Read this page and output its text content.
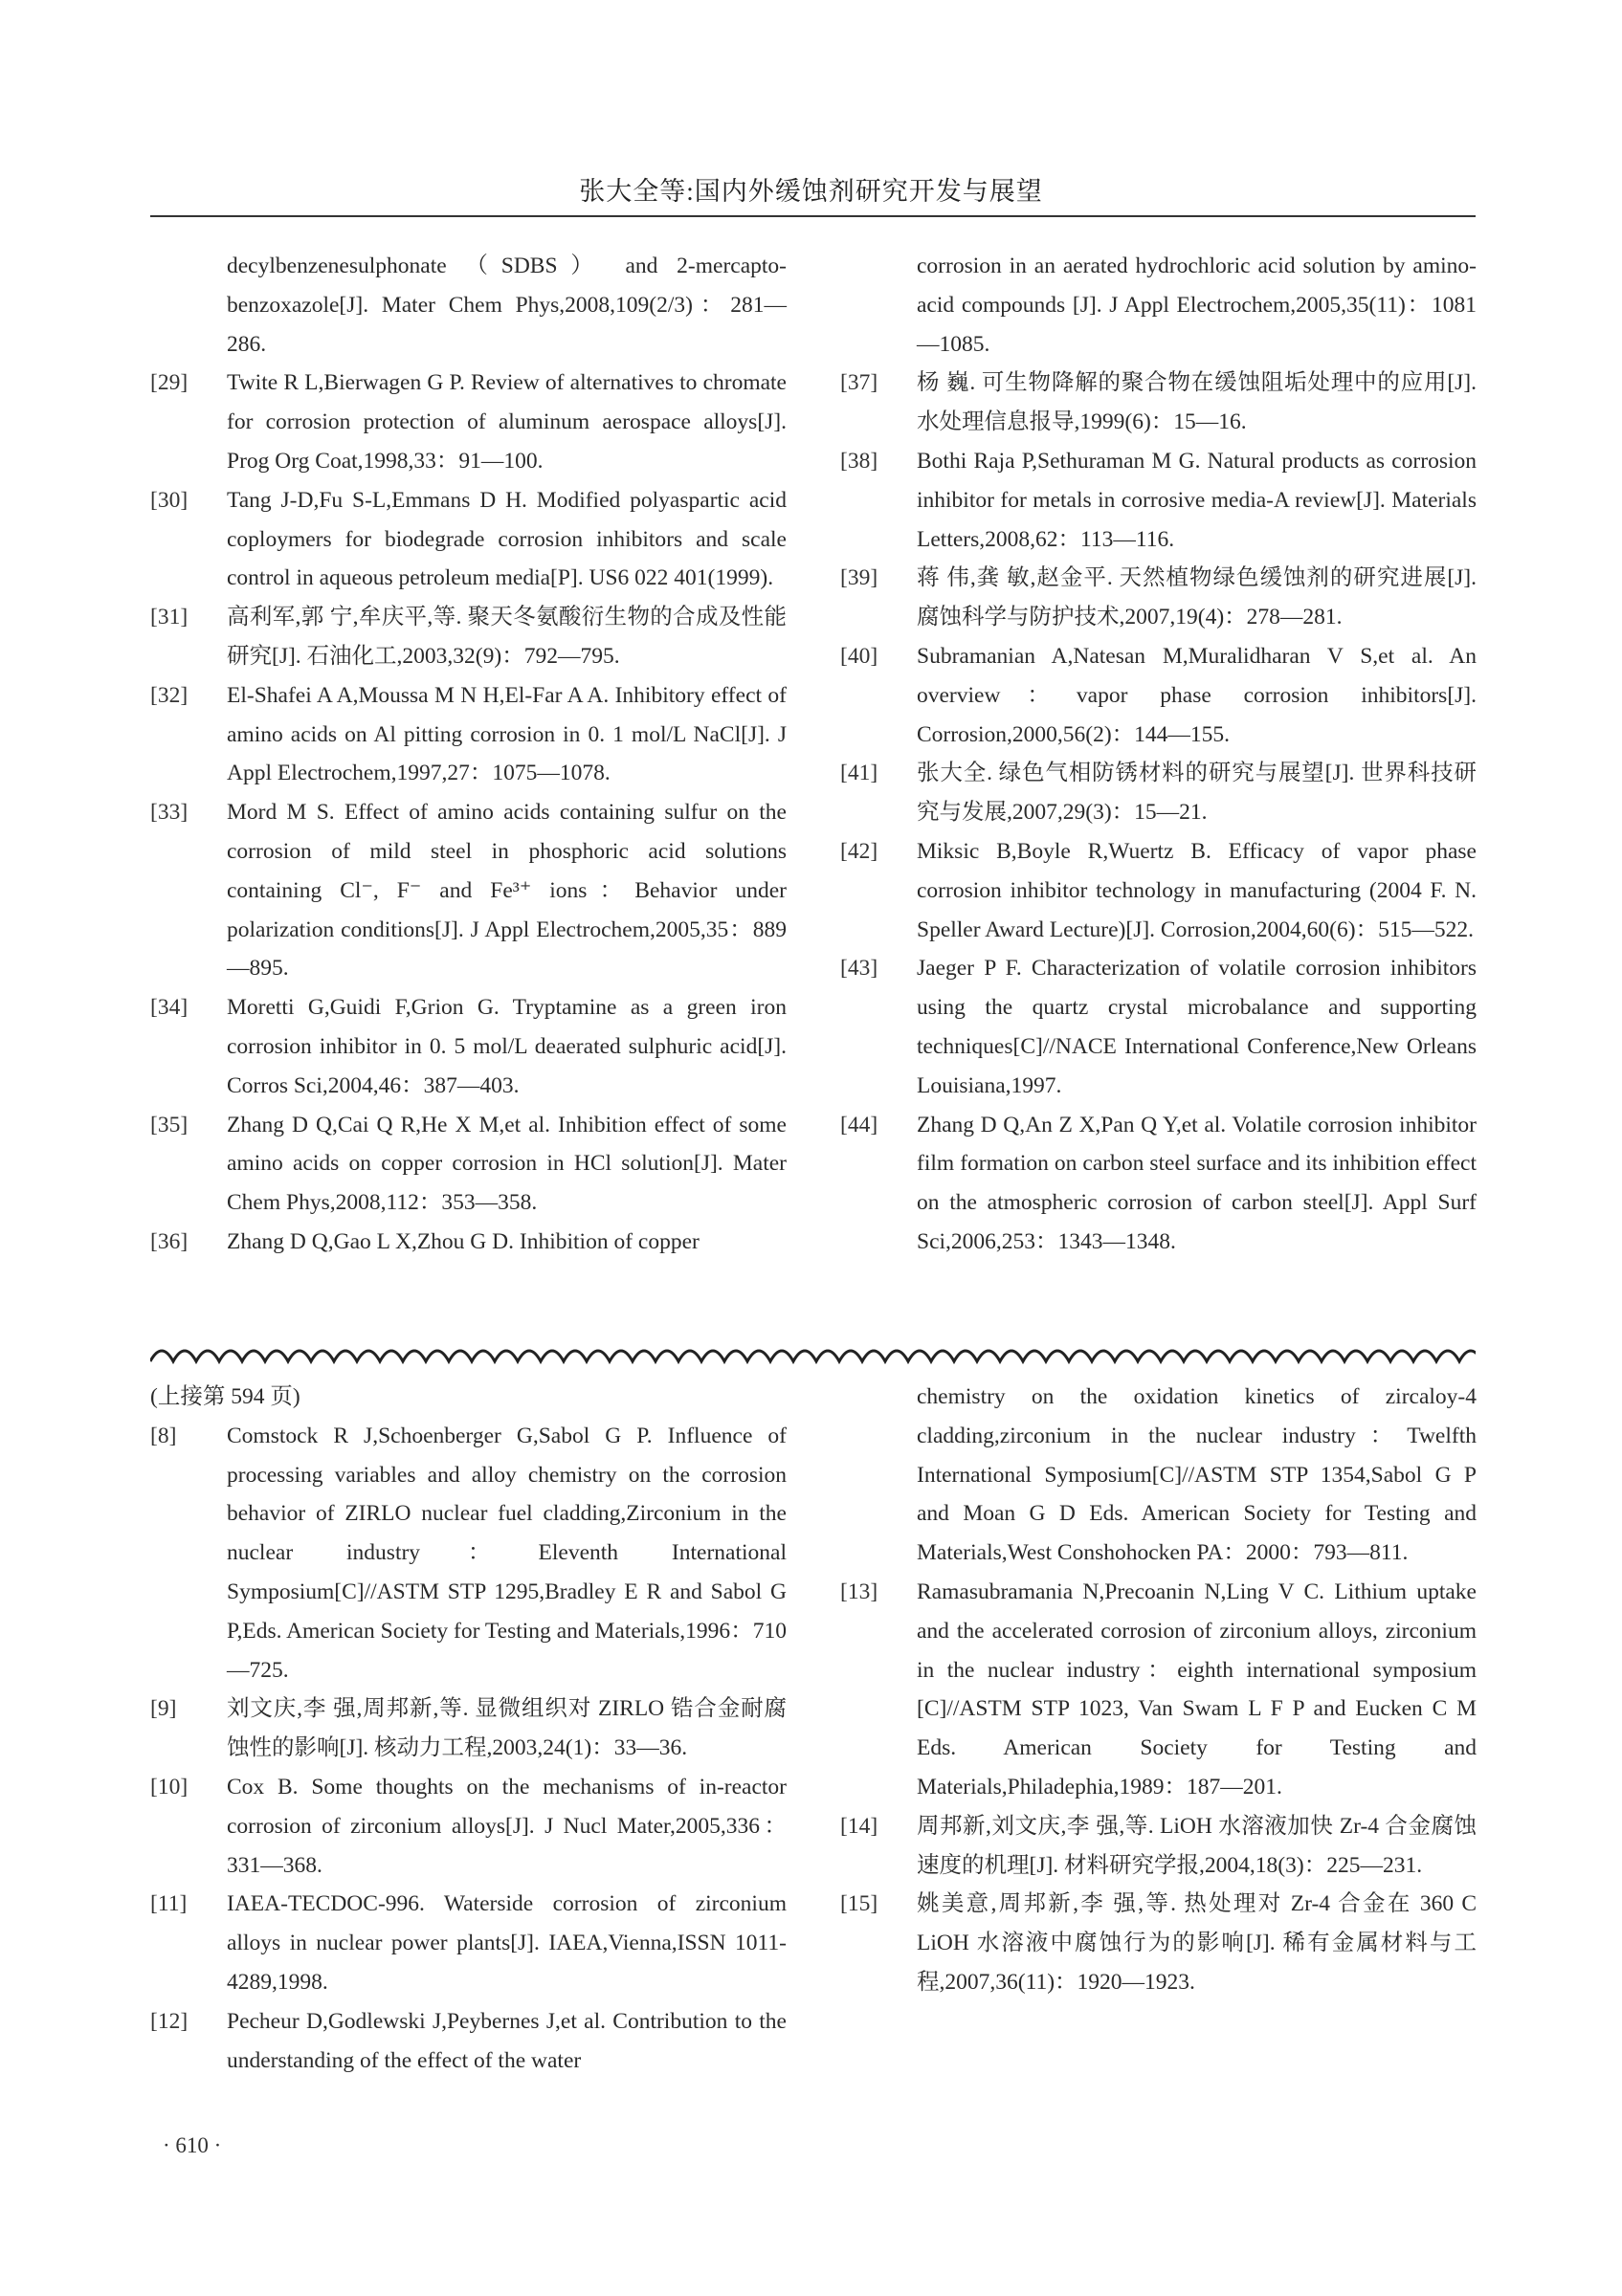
张大全等:国内外缓蚀剂研究开发与展望
decylbenzenesulphonate （SDBS） and 2-mercapto-benzoxazole[J]. Mater Chem Phys,2008,109(2/3)：281—286.
[29]	Twite R L,Bierwagen G P. Review of alternatives to chromate for corrosion protection of aluminum aerospace alloys[J]. Prog Org Coat,1998,33：91—100.
[30]	Tang J-D,Fu S-L,Emmans D H. Modified polyaspartic acid coploymers for biodegrade corrosion inhibitors and scale control in aqueous petroleum media[P]. US6 022 401(1999).
[31]	高利军,郭 宁,牟庆平,等. 聚天冬氨酸衍生物的合成及性能研究[J]. 石油化工,2003,32(9)：792—795.
[32]	El-Shafei A A,Moussa M N H,El-Far A A. Inhibitory effect of amino acids on Al pitting corrosion in 0. 1 mol/L NaCl[J]. J Appl Electrochem,1997,27：1075—1078.
[33]	Mord M S. Effect of amino acids containing sulfur on the corrosion of mild steel in phosphoric acid solutions containing Cl⁻, F⁻ and Fe³⁺ ions：Behavior under polarization conditions[J]. J Appl Electrochem,2005,35：889—895.
[34]	Moretti G,Guidi F,Grion G. Tryptamine as a green iron corrosion inhibitor in 0. 5 mol/L deaerated sulphuric acid[J]. Corros Sci,2004,46：387—403.
[35]	Zhang D Q,Cai Q R,He X M,et al. Inhibition effect of some amino acids on copper corrosion in HCl solution[J]. Mater Chem Phys,2008,112：353—358.
[36]	Zhang D Q,Gao L X,Zhou G D. Inhibition of copper
corrosion in an aerated hydrochloric acid solution by amino-acid compounds [J]. J Appl Electrochem,2005,35(11)：1081—1085.
[37]	杨 巍. 可生物降解的聚合物在缓蚀阻垢处理中的应用[J]. 水处理信息报导,1999(6)：15—16.
[38]	Bothi Raja P,Sethuraman M G. Natural products as corrosion inhibitor for metals in corrosive media-A review[J]. Materials Letters,2008,62：113—116.
[39]	蒋 伟,龚 敏,赵金平. 天然植物绿色缓蚀剂的研究进展[J]. 腐蚀科学与防护技术,2007,19(4)：278—281.
[40]	Subramanian A,Natesan M,Muralidharan V S,et al. An overview：vapor phase corrosion inhibitors[J]. Corrosion,2000,56(2)：144—155.
[41]	张大全. 绿色气相防锈材料的研究与展望[J]. 世界科技研究与发展,2007,29(3)：15—21.
[42]	Miksic B,Boyle R,Wuertz B. Efficacy of vapor phase corrosion inhibitor technology in manufacturing (2004 F. N. Speller Award Lecture)[J]. Corrosion,2004,60(6)：515—522.
[43]	Jaeger P F. Characterization of volatile corrosion inhibitors using the quartz crystal microbalance and supporting techniques[C]//NACE International Conference,New Orleans Louisiana,1997.
[44]	Zhang D Q,An Z X,Pan Q Y,et al. Volatile corrosion inhibitor film formation on carbon steel surface and its inhibition effect on the atmospheric corrosion of carbon steel[J]. Appl Surf Sci,2006,253：1343—1348.
(上接第 594 页)
[8]	Comstock R J,Schoenberger G,Sabol G P. Influence of processing variables and alloy chemistry on the corrosion behavior of ZIRLO nuclear fuel cladding,Zirconium in the nuclear industry：Eleventh International Symposium[C]//ASTM STP 1295,Bradley E R and Sabol G P,Eds. American Society for Testing and Materials,1996：710—725.
[9]	刘文庆,李 强,周邦新,等. 显微组织对 ZIRLO 锆合金耐腐蚀性的影响[J]. 核动力工程,2003,24(1)：33—36.
[10]	Cox B. Some thoughts on the mechanisms of in-reactor corrosion of zirconium alloys[J]. J Nucl Mater,2005,336：331—368.
[11]	IAEA-TECDOC-996. Waterside corrosion of zirconium alloys in nuclear power plants[J]. IAEA,Vienna,ISSN 1011-4289,1998.
[12]	Pecheur D,Godlewski J,Peybernes J,et al. Contribution to the understanding of the effect of the water
chemistry on the oxidation kinetics of zircaloy-4 cladding,zirconium in the nuclear industry：Twelfth International Symposium[C]//ASTM STP 1354,Sabol G P and Moan G D Eds. American Society for Testing and Materials,West Conshohocken PA：2000：793—811.
[13]	Ramasubramania N,Precoanin N,Ling V C. Lithium uptake and the accelerated corrosion of zirconium alloys, zirconium in the nuclear industry：eighth international symposium [C]//ASTM STP 1023, Van Swam L F P and Eucken C M Eds. American Society for Testing and Materials,Philadephia,1989：187—201.
[14]	周邦新,刘文庆,李 强,等. LiOH 水溶液加快 Zr-4 合金腐蚀速度的机理[J]. 材料研究学报,2004,18(3)：225—231.
[15]	姚美意,周邦新,李 强,等. 热处理对 Zr-4 合金在 360 C LiOH 水溶液中腐蚀行为的影响[J]. 稀有金属材料与工程,2007,36(11)：1920—1923.
· 610 ·
